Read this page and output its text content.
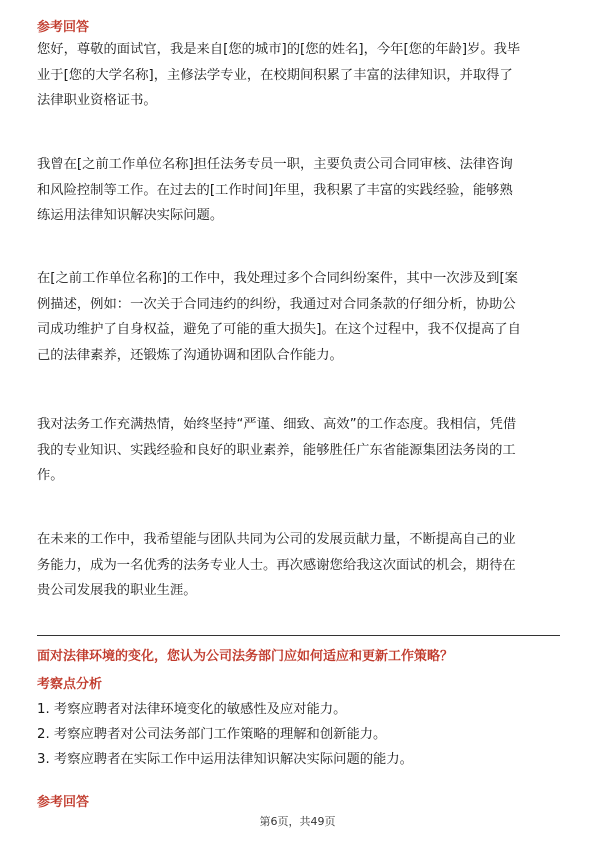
参考回答
您好，尊敬的面试官，我是来自[您的城市]的[您的姓名]，今年[您的年龄]岁。我毕
业于[您的大学名称]，主修法学专业，在校期间积累了丰富的法律知识，并取得了
法律职业资格证书。
我曾在[之前工作单位名称]担任法务专员一职，主要负责公司合同审核、法律咨询
和风险控制等工作。在过去的[工作时间]年里，我积累了丰富的实践经验，能够熟
练运用法律知识解决实际问题。
在[之前工作单位名称]的工作中，我处理过多个合同纠纷案件，其中一次涉及到[案
例描述，例如：一次关于合同违约的纠纷，我通过对合同条款的仔细分析，协助公
司成功维护了自身权益，避免了可能的重大损失]。在这个过程中，我不仅提高了自
己的法律素养，还锻炼了沟通协调和团队合作能力。
我对法务工作充满热情，始终坚持“严谨、细致、高效”的工作态度。我相信，凭借
我的专业知识、实践经验和良好的职业素养，能够胜任广东省能源集团法务岗的工
作。
在未来的工作中，我希望能与团队共同为公司的发展贡献力量，不断提高自己的业
务能力，成为一名优秀的法务专业人士。再次感谢您给我这次面试的机会，期待在
贵公司发展我的职业生涯。
面对法律环境的变化，您认为公司法务部门应如何适应和更新工作策略？
考察点分析
1. 考察应聘者对法律环境变化的敏感性及应对能力。
2. 考察应聘者对公司法务部门工作策略的理解和创新能力。
3. 考察应聘者在实际工作中运用法律知识解决实际问题的能力。
参考回答
第6页，共49页
